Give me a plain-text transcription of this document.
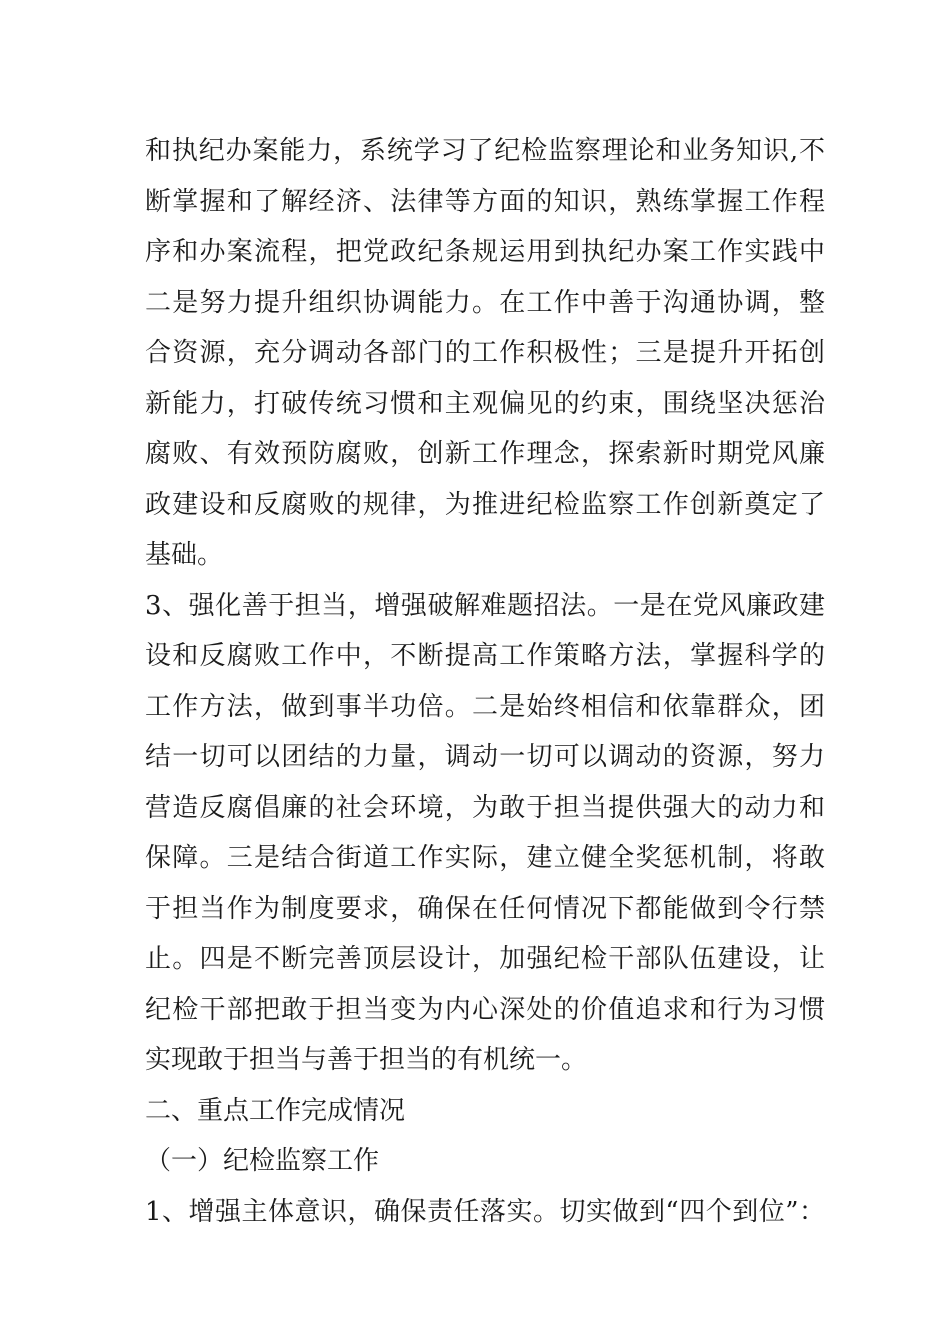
和执纪办案能力，系统学习了纪检监察理论和业务知识,不
断掌握和了解经济、法律等方面的知识，熟练掌握工作程
序和办案流程，把党政纪条规运用到执纪办案工作实践中
二是努力提升组织协调能力。在工作中善于沟通协调，整
合资源，充分调动各部门的工作积极性；三是提升开拓创
新能力，打破传统习惯和主观偏见的约束，围绕坚决惩治
腐败、有效预防腐败，创新工作理念，探索新时期党风廉
政建设和反腐败的规律，为推进纪检监察工作创新奠定了
基础。
3、强化善于担当，增强破解难题招法。一是在党风廉政建
设和反腐败工作中，不断提高工作策略方法，掌握科学的
工作方法，做到事半功倍。二是始终相信和依靠群众，团
结一切可以团结的力量，调动一切可以调动的资源，努力
营造反腐倡廉的社会环境，为敢于担当提供强大的动力和
保障。三是结合街道工作实际，建立健全奖惩机制，将敢
于担当作为制度要求，确保在任何情况下都能做到令行禁
止。四是不断完善顶层设计，加强纪检干部队伍建设，让
纪检干部把敢于担当变为内心深处的价值追求和行为习惯
实现敢于担当与善于担当的有机统一。
二、重点工作完成情况
（一）纪检监察工作
1、增强主体意识，确保责任落实。切实做到“四个到位”：
